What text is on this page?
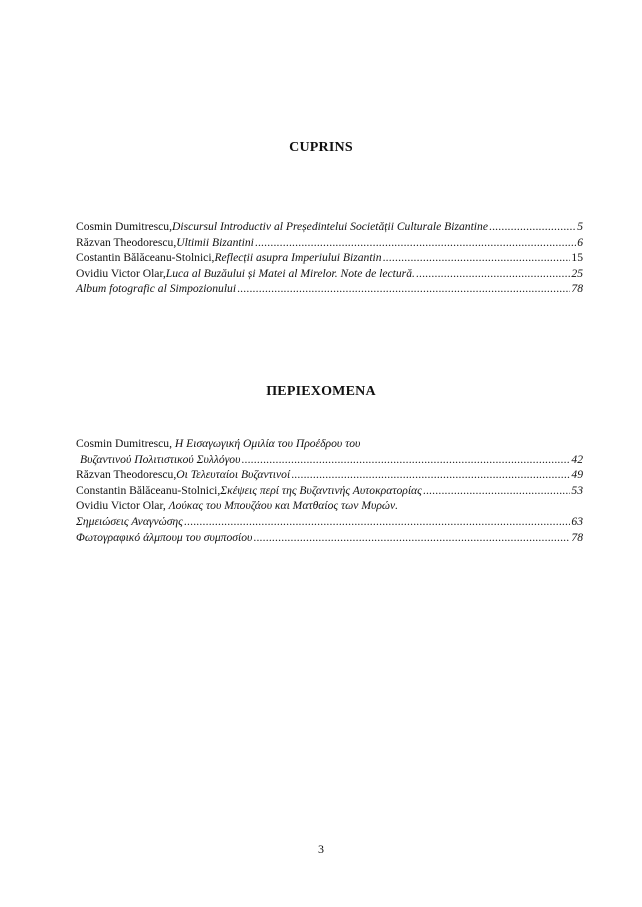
CUPRINS
Cosmin Dumitrescu, Discursul Introductiv al Președintelui Societății Culturale Bizantine .....	5
Răzvan Theodorescu, Ultimii Bizantini .....	6
Costantin Bălăceanu-Stolnici, Reflecții asupra Imperiului Bizantin .....	15
Ovidiu Victor Olar, Luca al Buzăului și Matei al Mirelor. Note de lectură. .....	25
Album fotografic al Simpozionului .....	78
ΠΕΡΙΕΧΟΜΕΝΑ
Cosmin Dumitrescu, Η Εισαγωγική Ομιλία του Προέδρου του
Βυζαντινού Πολιτιστικού Συλλόγου .....	42
Răzvan Theodorescu, Οι Τελευταίοι Βυζαντινοί .....	49
Constantin Bălăceanu-Stolnici, Σκέψεις περί της Βυζαντινής Αυτοκρατορίας .....	53
Ovidiu Victor Olar, Λούκας του Μπουζάου και Ματθαίος των Μυρών.
Σημειώσεις Αναγνώσης .....	63
Φωτογραφικό άλμπουμ του συμποσίου .....	78
3
